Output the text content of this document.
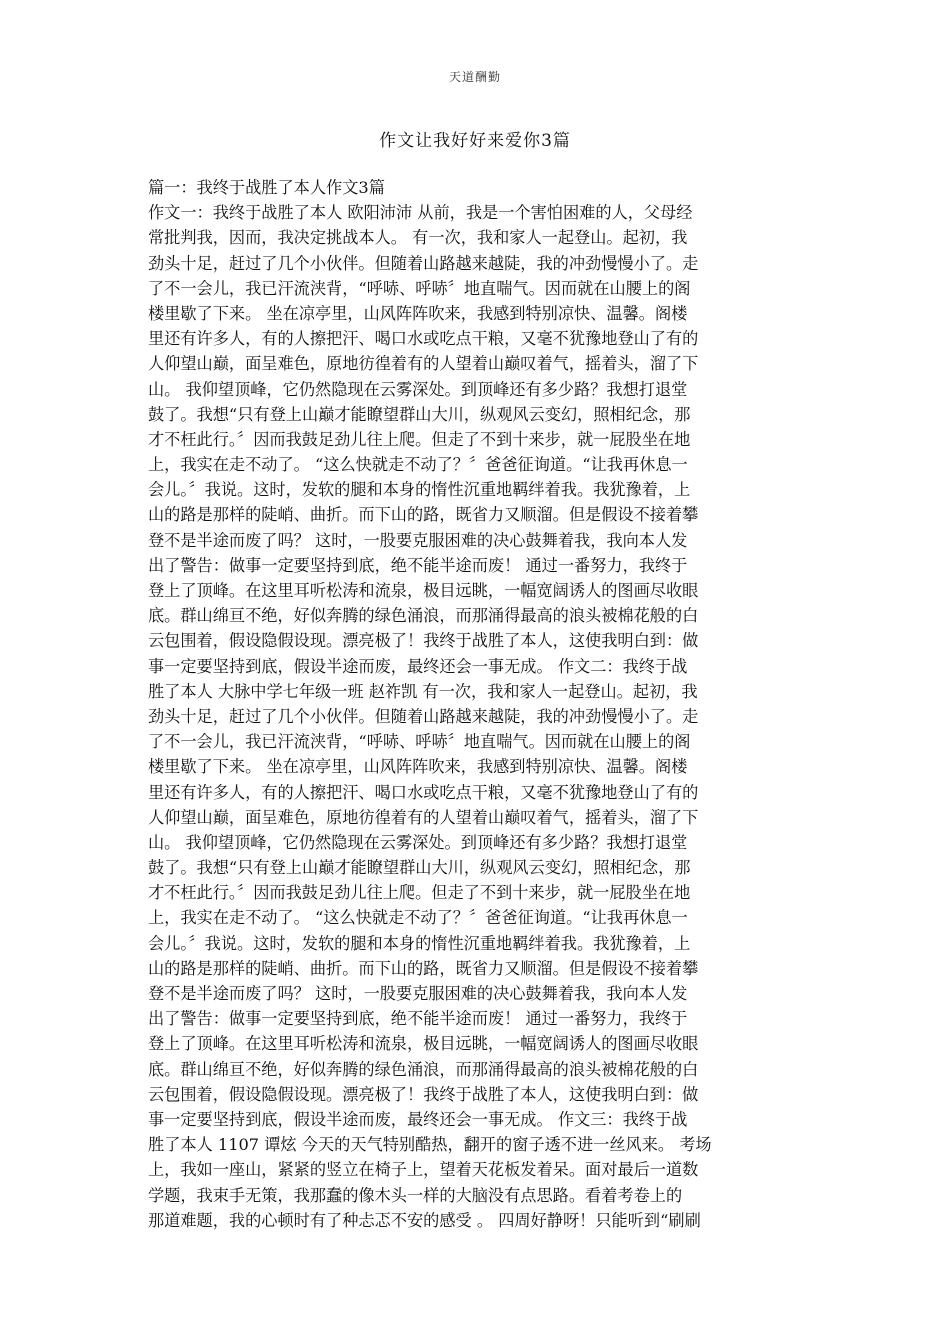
天道酬勤
作文让我好好来爱你3篇
篇一：我终于战胜了本人作文3篇
作文一：我终于战胜了本人 欧阳沛沛 从前，我是一个害怕困难的人，父母经
常批判我，因而，我决定挑战本人。 有一次，我和家人一起登山。起初，我
劲头十足，赶过了几个小伙伴。但随着山路越来越陡，我的冲劲慢慢小了。走
了不一会儿，我已汗流浃背，“呼哧、呼哧〞地直喘气。因而就在山腰上的阁
楼里歇了下来。 坐在凉亭里，山风阵阵吹来，我感到特别凉快、温馨。阁楼
里还有许多人，有的人擦把汗、喝口水或吃点干粮，又毫不犹豫地登山了有的
人仰望山巅，面呈难色，原地彷徨着有的人望着山巅叹着气，摇着头，溜了下
山。 我仰望顶峰，它仍然隐现在云雾深处。到顶峰还有多少路？我想打退堂
鼓了。我想“只有登上山巅才能瞭望群山大川，纵观风云变幻，照相纪念，那
才不枉此行。〞因而我鼓足劲儿往上爬。但走了不到十来步，就一屁股坐在地
上，我实在走不动了。 “这么快就走不动了？〞爸爸征询道。“让我再休息一
会儿。〞我说。这时，发软的腿和本身的惰性沉重地羁绊着我。我犹豫着，上
山的路是那样的陡峭、曲折。而下山的路，既省力又顺溜。但是假设不接着攀
登不是半途而废了吗？ 这时，一股要克服困难的决心鼓舞着我，我向本人发
出了警告：做事一定要坚持到底，绝不能半途而废！ 通过一番努力，我终于
登上了顶峰。在这里耳听松涛和流泉，极目远眺，一幅宽阔诱人的图画尽收眼
底。群山绵亘不绝，好似奔腾的绿色涌浪，而那涌得最高的浪头被棉花般的白
云包围着，假设隐假设现。漂亮极了！我终于战胜了本人，这使我明白到：做
事一定要坚持到底，假设半途而废，最终还会一事无成。 作文二：我终于战
胜了本人 大脉中学七年级一班 赵祚凯 有一次，我和家人一起登山。起初，我
劲头十足，赶过了几个小伙伴。但随着山路越来越陡，我的冲劲慢慢小了。走
了不一会儿，我已汗流浃背，“呼哧、呼哧〞地直喘气。因而就在山腰上的阁
楼里歇了下来。 坐在凉亭里，山风阵阵吹来，我感到特别凉快、温馨。阁楼
里还有许多人，有的人擦把汗、喝口水或吃点干粮，又毫不犹豫地登山了有的
人仰望山巅，面呈难色，原地彷徨着有的人望着山巅叹着气，摇着头，溜了下
山。 我仰望顶峰，它仍然隐现在云雾深处。到顶峰还有多少路？我想打退堂
鼓了。我想“只有登上山巅才能瞭望群山大川，纵观风云变幻，照相纪念，那
才不枉此行。〞因而我鼓足劲儿往上爬。但走了不到十来步，就一屁股坐在地
上，我实在走不动了。 “这么快就走不动了？〞爸爸征询道。“让我再休息一
会儿。〞我说。这时，发软的腿和本身的惰性沉重地羁绊着我。我犹豫着，上
山的路是那样的陡峭、曲折。而下山的路，既省力又顺溜。但是假设不接着攀
登不是半途而废了吗？ 这时，一股要克服困难的决心鼓舞着我，我向本人发
出了警告：做事一定要坚持到底，绝不能半途而废！ 通过一番努力，我终于
登上了顶峰。在这里耳听松涛和流泉，极目远眺，一幅宽阔诱人的图画尽收眼
底。群山绵亘不绝，好似奔腾的绿色涌浪，而那涌得最高的浪头被棉花般的白
云包围着，假设隐假设现。漂亮极了！我终于战胜了本人，这使我明白到：做
事一定要坚持到底，假设半途而废，最终还会一事无成。 作文三：我终于战
胜了本人 1107 谭炫 今天的天气特别酷热，翻开的窗子透不进一丝风来。 考场
上，我如一座山，紧紧的竖立在椅子上，望着天花板发着呆。面对最后一道数
学题，我束手无策，我那蠢的像木头一样的大脑没有点思路。看着考卷上的
那道难题，我的心顿时有了种忐忑不安的感受 。 四周好静呀！只能听到“刷刷
